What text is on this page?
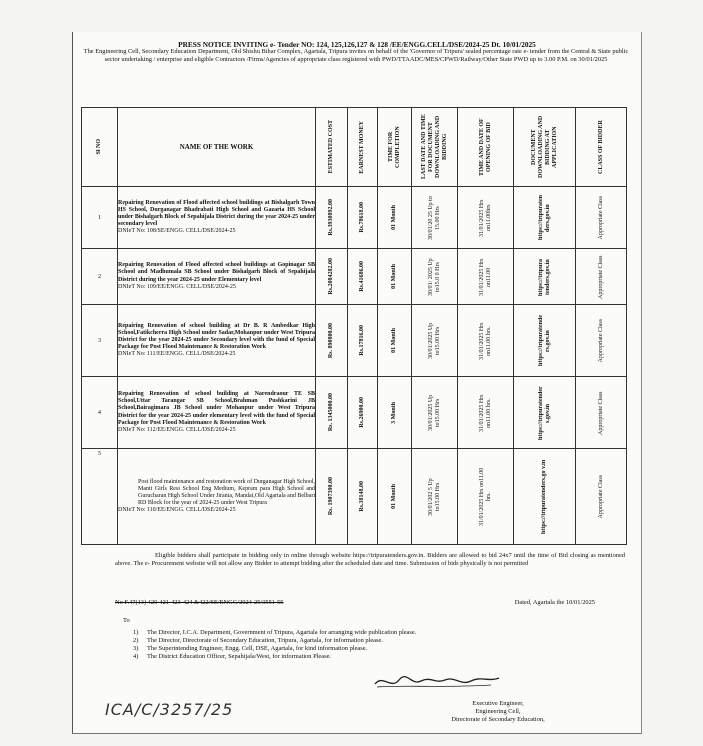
PRESS NOTICE INVITING e- Tender NO: 124, 125,126,127 & 128 /EE/ENGG.CELL/DSE/2024-25 Dt. 10/01/2025
The Engineering Cell, Secondary Education Department, Old Shishu Bihar Complex, Agartala, Tripura invites on behalf of the 'Governor of Tripura' sealed percentage rate e- tender from the Central & State public sector undertaking / enterprise and eligible Contractors /Firms/Agencies of appropriate class registered with PWD/TTAADC/MES/CPWD/Railway/Other State PWD up to 3.00 P.M. on 30/01/2025
Sl NO	NAME OF THE WORK	ESTIMATED COST	EARNEST MONEY	TIME FOR COMPLETION	LAST DATE AND TIME FOR DOCUMENT DOWNLOADING AND BIDDING	TIME AND DATE OF OPENING OF BID	DOCUMENT DOWNLOADING AND BIDDING AT APPLICATION	CLASS OF BIDDER

1	Repairing Renovation of Flood affected school buildings at Bishalgarh Town HS School, Durganagar Bhadrabati High School and Gazaria HS School under Bishalgarh Block of Sepahijala District during the year 2024-25 under secondary level
DNIeT No: 108/SE/ENGG. CELL/DSE/2024-25	Rs.3930892.00	Rs.78618.00	01 Month	30/01/20 25 Up to 15.00 Hrs	31/01/2025 Hrs on11.00hrs	https://tripuraten ders.gov.in	Appropriate Class

2	Repairing Renovation of Flood affected school buildings at Gopinagar SB School and Madhumala SB School under Bishalgarh Block of Sepahijala District during the year 2024-25 under Elementary level
DNIeT No: 109/EE/ENGG. CELL/DSE/2024-25	Rs.2084282.00	Rs.41686.00	01 Month	30/01/ 2025 Up to15.0 0 Hrs	31/01/2025 Hrs on11.00	https://tripura tenders.gov.in	Appropriate Class

3	Repairing Renovation of school building at Dr B. R Ambedkar High School,Fatikcherra High School under Sadar,Mohanpur under West Tripura District for the year 2024-25 under Secondary level with the fund of Special Package for Post Flood Maintenance & Restoration Work
DNIeT No: 111/EE/ENGG. CELL/DSE/2024-25	Rs. 890800.00	Rs.17816.00	01 Month	30/01/2025 Up to15.00 Hrs	31/01/2025 Hrs on11.00 hrs.	https://tripuratende rs.gov.in	Appropriate Class

4	Repairing Renovation of school building at Narendraour TE SB School,Uttar Tarangar SB School,Brahman Pushkarini JB School,Bairagimara JB School under Mohanpur under West Tripura District for the year 2024-25 under elementary level with the fund of Special Package for Post Flood Maintenance & Restoration Work
DNIeT No: 112/EE/ENGG. CELL/DSE/2024-25	Rs. 1345000.00	Rs.26900.00	3 Month	30/01/2025 Up to15.00 Hrs	31/01/2025 Hrs on11.00 hrs.	https://tripuratender s.gov.in	Appropriate Class

5	Post flood maintenance and restoration work of Durganagar High School, Manti Girls Resi School Eng Medium, Kepram para High School and Gurucharan High School Under Jirania, Mandai,Old Agartala and Belbari RD Block for the year of 2024-25 under West Tripura
DNIeT No: 110/EE/ENGG. CELL/DSE/2024-25	Rs. 1907390.00	Rs.38148.00	01 Month	30/01/202 5 Up to15.00 Hrs	31/01/2025 Hrs on11.00 hrs.	https://tripuratenders.go v.in	Appropriate Class
Eligible bidders shall participate in bidding only in online through website https://tripuratenders.gov.in. Bidders are allowed to bid 24x7 until the time of Bid closing as mentioned above. The e- Procurement website will not allow any Bidder to attempt bidding after the scheduled date and time. Submission of bids physically is not permitted
No F.47(13) 420-421-423-424 &422/SE/ENGG/2024-25/3551-55	Dated, Agartala the 10/01/2025
To
1) The Director, I.C.A. Department, Government of Tripura, Agartala for arranging wide publication please.
2) The Director, Directorate of Secondary Education, Tripura, Agartala, for information please.
3) The Superintending Engineer, Engg. Cell, DSE, Agartala, for kind information please.
4) The District Education Officer, Sepahijala/West, for information Please.
Executive Engineer,
Engineering Cell,
Directorate of Secondary Education,
ICA/C/3257/25
